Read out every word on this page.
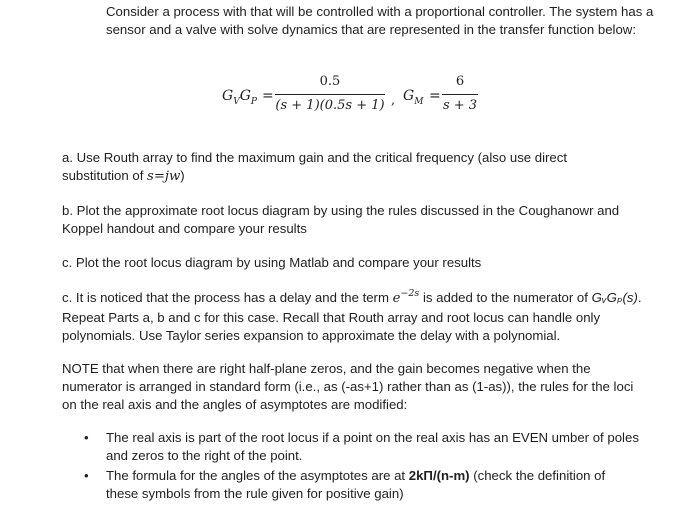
Consider a process with that will be controlled with a proportional controller. The system has a sensor and a valve with solve dynamics that are represented in the transfer function below:

$G_VG_P$ =
0.5
(s + 1)(0.5s + 1) , $G_M$ =
6
s + 3

a. Use Routh array to find the maximum gain and the critical frequency (also use direct substitution of s=jw)

b. Plot the approximate root locus diagram by using the rules discussed in the Coughanowr and Koppel handout and compare your results

c. Plot the root locus diagram by using Matlab and compare your results

c. It is noticed that the process has a delay and the term $e^{-2s}$ is added to the numerator of GᵥGₚ(s). Repeat Parts a, b and c for this case. Recall that Routh array and root locus can handle only polynomials. Use Taylor series expansion to approximate the delay with a polynomial.

NOTE that when there are right half-plane zeros, and the gain becomes negative when the numerator is arranged in standard form (i.e., as (-as+1) rather than as (1-as)), the rules for the loci on the real axis and the angles of asymptotes are modified:

• The real axis is part of the root locus if a point on the real axis has an EVEN umber of poles and zeros to the right of the point.
• The formula for the angles of the asymptotes are at 2kΠ/(n-m) (check the definition of these symbols from the rule given for positive gain)
